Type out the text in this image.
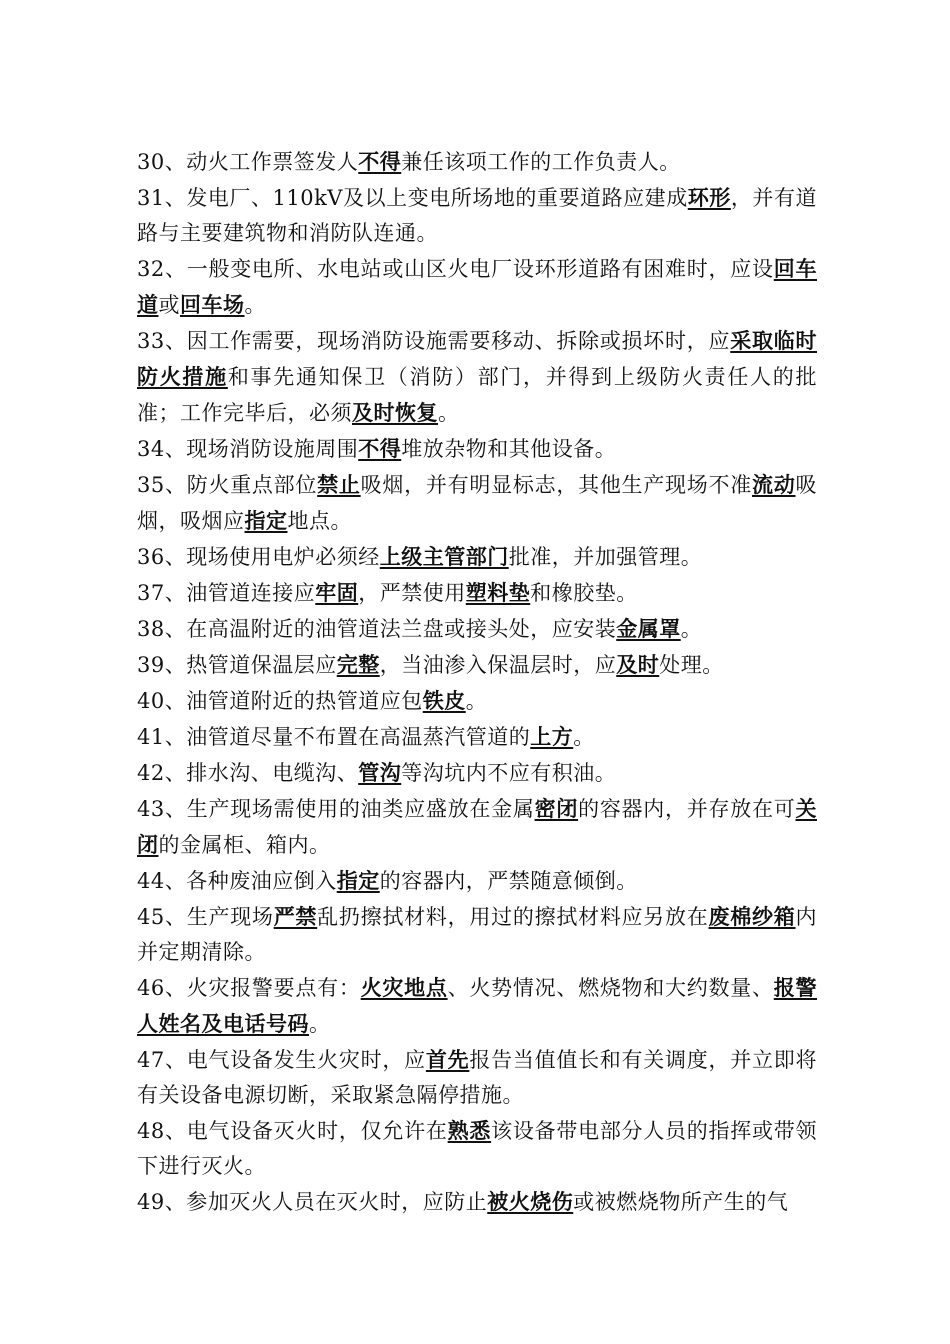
30、动火工作票签发人不得兼任该项工作的工作负责人。

31、发电厂、110kV及以上变电所场地的重要道路应建成环形，并有道路与主要建筑物和消防队连通。

32、一般变电所、水电站或山区火电厂设环形道路有困难时，应设回车道或回车场。

33、因工作需要，现场消防设施需要移动、拆除或损坏时，应采取临时防火措施和事先通知保卫（消防）部门，并得到上级防火责任人的批准；工作完毕后，必须及时恢复。

34、现场消防设施周围不得堆放杂物和其他设备。

35、防火重点部位禁止吸烟，并有明显标志，其他生产现场不准流动吸烟，吸烟应指定地点。

36、现场使用电炉必须经上级主管部门批准，并加强管理。

37、油管道连接应牢固，严禁使用塑料垫和橡胶垫。

38、在高温附近的油管道法兰盘或接头处，应安装金属罩。

39、热管道保温层应完整，当油渗入保温层时，应及时处理。

40、油管道附近的热管道应包铁皮。

41、油管道尽量不布置在高温蒸汽管道的上方。

42、排水沟、电缆沟、管沟等沟坑内不应有积油。

43、生产现场需使用的油类应盛放在金属密闭的容器内，并存放在可关闭的金属柜、箱内。

44、各种废油应倒入指定的容器内，严禁随意倾倒。

45、生产现场严禁乱扔擦拭材料，用过的擦拭材料应另放在废棉纱箱内并定期清除。

46、火灾报警要点有：火灾地点、火势情况、燃烧物和大约数量、报警人姓名及电话号码。

47、电气设备发生火灾时，应首先报告当值值长和有关调度，并立即将有关设备电源切断，采取紧急隔停措施。

48、电气设备灭火时，仅允许在熟悉该设备带电部分人员的指挥或带领下进行灭火。

49、参加灭火人员在灭火时，应防止被火烧伤或被燃烧物所产生的气
